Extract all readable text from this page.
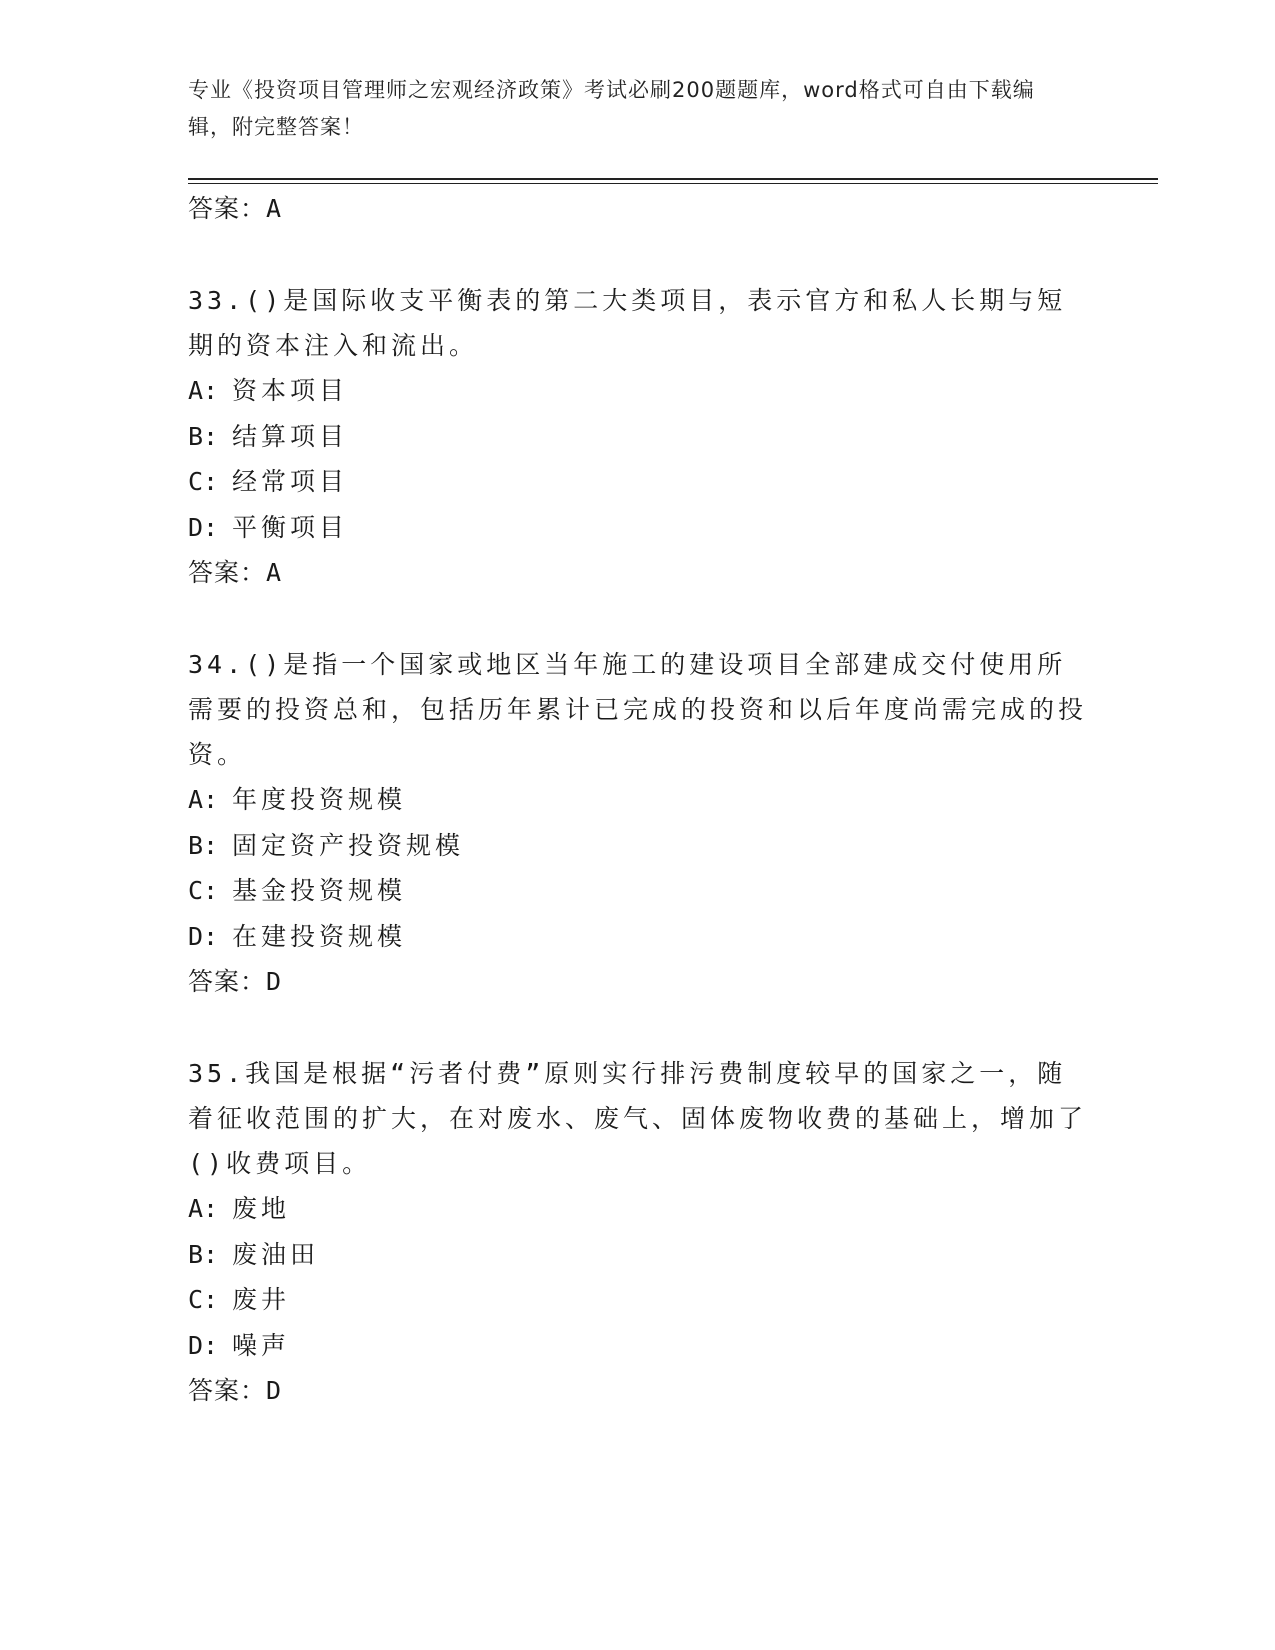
专业《投资项目管理师之宏观经济政策》考试必刷200题题库，word格式可自由下载编辑，附完整答案！
答案：A
33.()是国际收支平衡表的第二大类项目，表示官方和私人长期与短期的资本注入和流出。
A: 资本项目
B: 结算项目
C: 经常项目
D: 平衡项目
答案：A
34.()是指一个国家或地区当年施工的建设项目全部建成交付使用所需要的投资总和，包括历年累计已完成的投资和以后年度尚需完成的投资。
A: 年度投资规模
B: 固定资产投资规模
C: 基金投资规模
D: 在建投资规模
答案：D
35.我国是根据“污者付费”原则实行排污费制度较早的国家之一，随着征收范围的扩大，在对废水、废气、固体废物收费的基础上，增加了()收费项目。
A: 废地
B: 废油田
C: 废井
D: 噪声
答案：D
